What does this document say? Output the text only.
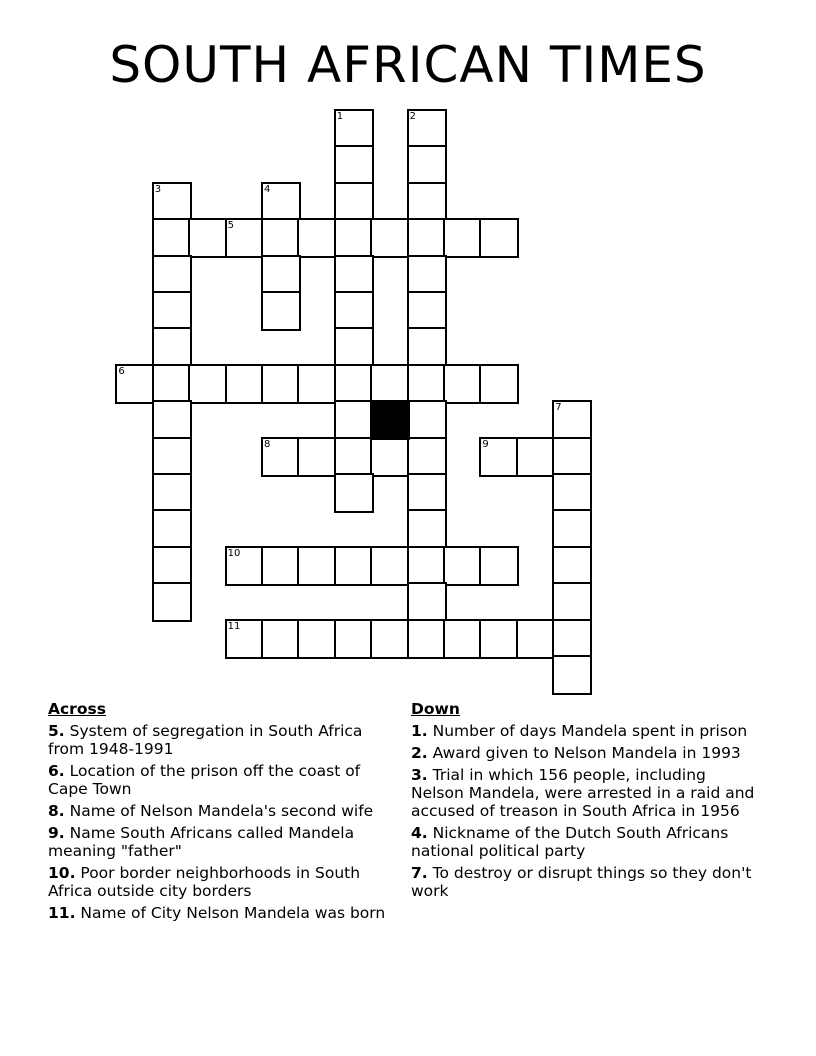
SOUTH AFRICAN TIMES
1	2
3	4
5
6
7
8	9
10
11
Across
5. System of segregation in South Africa from 1948-1991
6. Location of the prison off the coast of Cape Town
8. Name of Nelson Mandela's second wife
9. Name South Africans called Mandela meaning "father"
10. Poor border neighborhoods in South Africa outside city borders
11. Name of City Nelson Mandela was born
Down
1. Number of days Mandela spent in prison
2. Award given to Nelson Mandela in 1993
3. Trial in which 156 people, including Nelson Mandela, were arrested in a raid and accused of treason in South Africa in 1956
4. Nickname of the Dutch South Africans national political party
7. To destroy or disrupt things so they don't work
